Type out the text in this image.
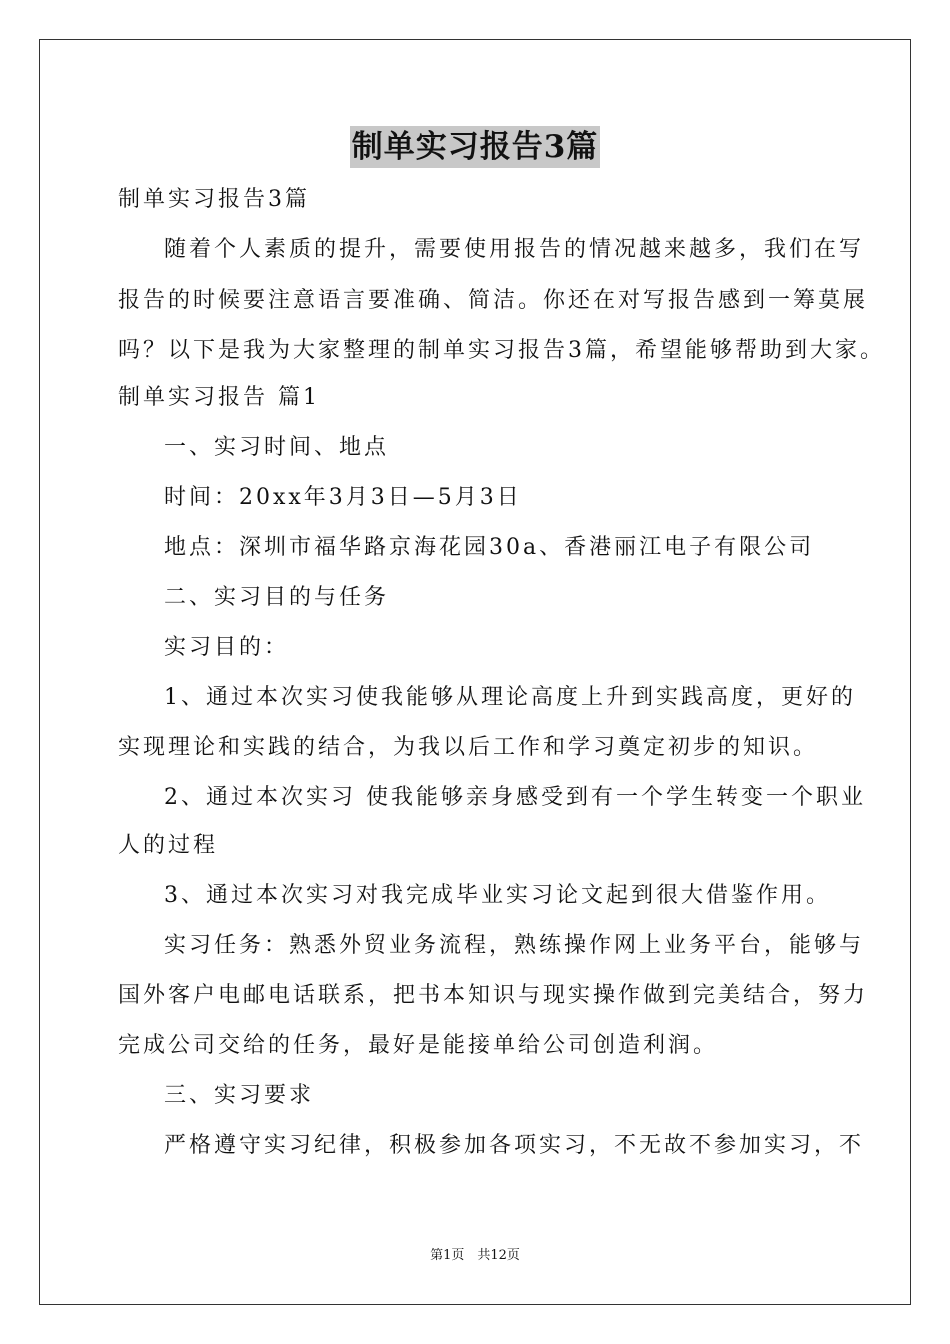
制单实习报告3篇
制单实习报告3篇
随着个人素质的提升，需要使用报告的情况越来越多，我们在写
报告的时候要注意语言要准确、简洁。你还在对写报告感到一筹莫展
吗？以下是我为大家整理的制单实习报告3篇，希望能够帮助到大家。
制单实习报告 篇1
一、实习时间、地点
时间：20xx年3月3日—5月3日
地点：深圳市福华路京海花园30a、香港丽江电子有限公司
二、实习目的与任务
实习目的：
1、通过本次实习使我能够从理论高度上升到实践高度，更好的
实现理论和实践的结合，为我以后工作和学习奠定初步的知识。
2、通过本次实习 使我能够亲身感受到有一个学生转变一个职业
人的过程
3、通过本次实习对我完成毕业实习论文起到很大借鉴作用。
实习任务：熟悉外贸业务流程，熟练操作网上业务平台，能够与
国外客户电邮电话联系，把书本知识与现实操作做到完美结合，努力
完成公司交给的任务，最好是能接单给公司创造利润。
三、实习要求
严格遵守实习纪律，积极参加各项实习，不无故不参加实习，不
第1页　共12页
